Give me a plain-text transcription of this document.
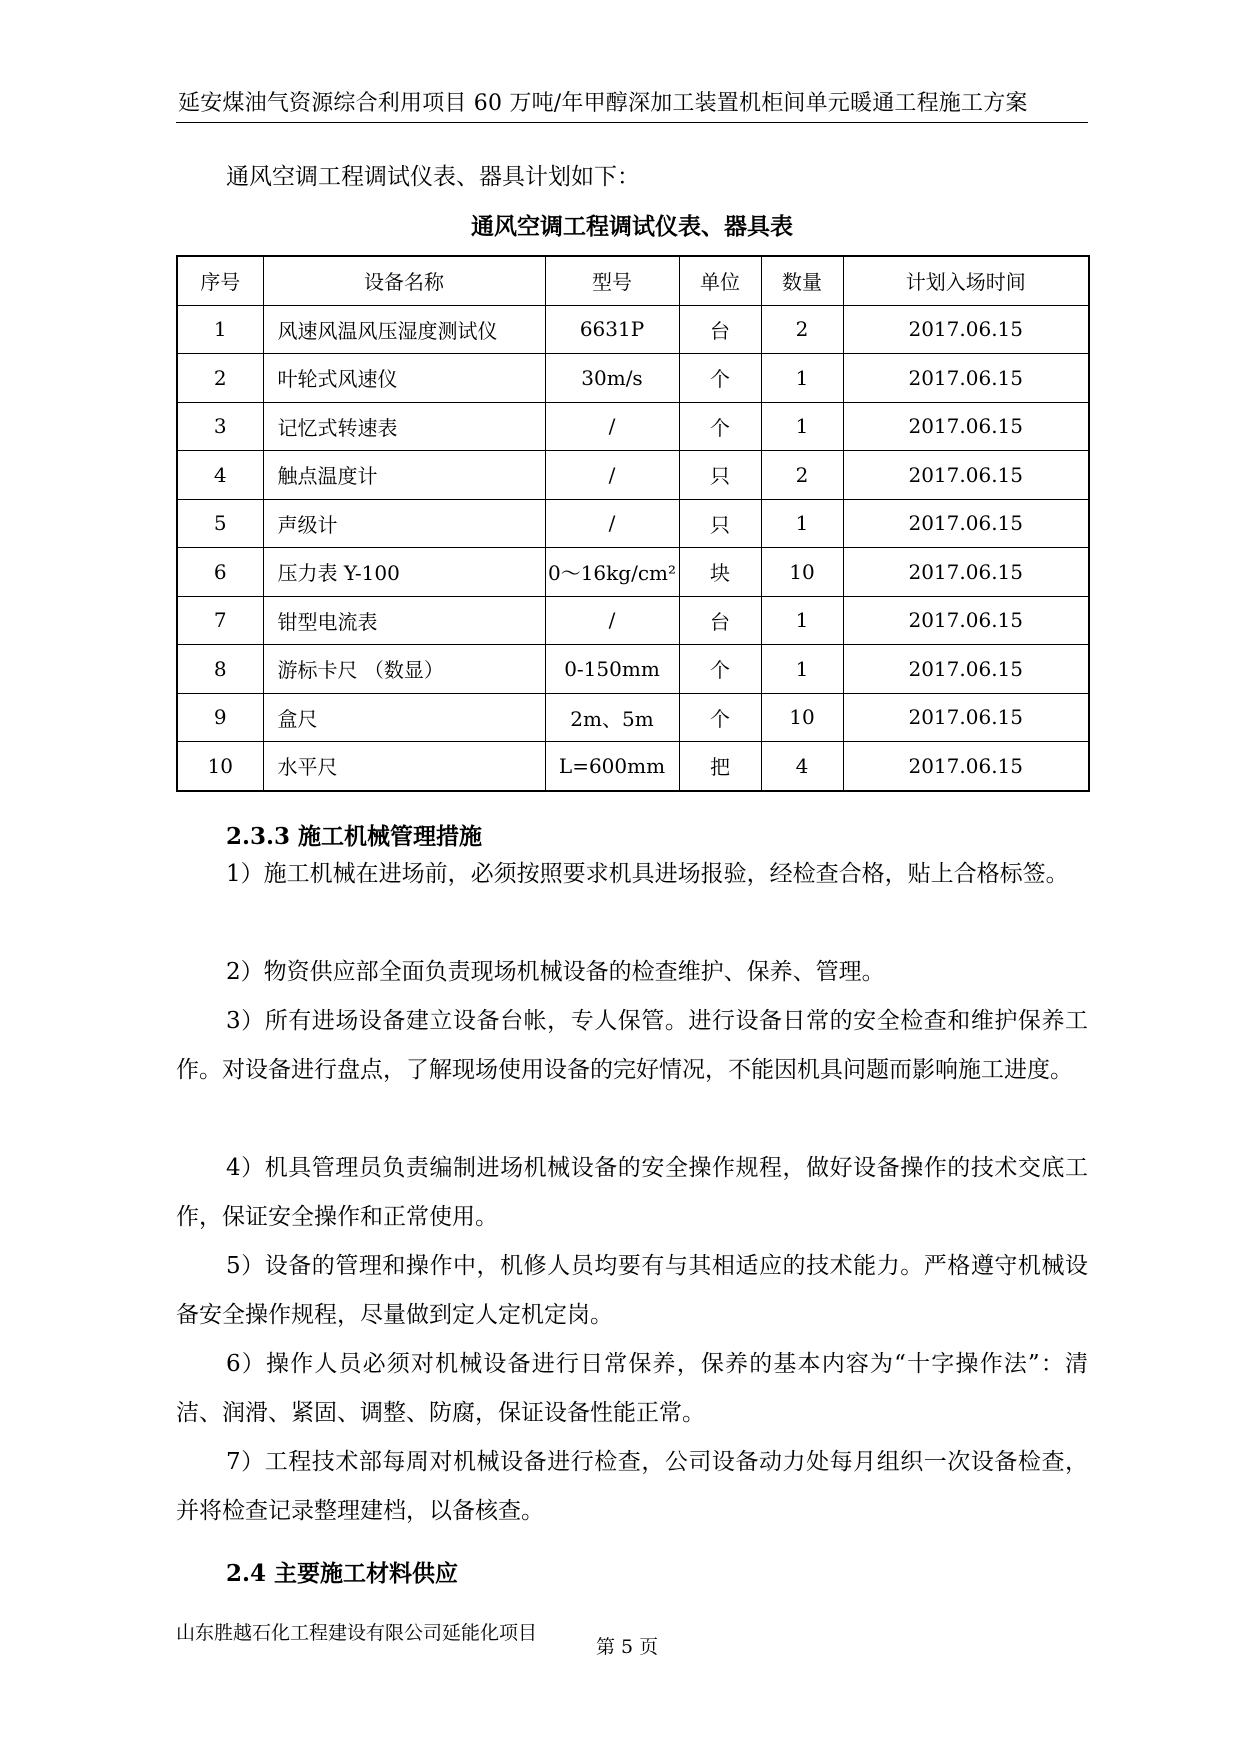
延安煤油气资源综合利用项目 60 万吨/年甲醇深加工装置机柜间单元暖通工程施工方案
通风空调工程调试仪表、器具计划如下：
通风空调工程调试仪表、器具表
序号	设备名称	型号	单位	数量	计划入场时间
1	风速风温风压湿度测试仪	6631P	台	2	2017.06.15
2	叶轮式风速仪	30m/s	个	1	2017.06.15
3	记忆式转速表	/	个	1	2017.06.15
4	触点温度计	/	只	2	2017.06.15
5	声级计	/	只	1	2017.06.15
6	压力表 Y-100	0～16kg/cm²	块	10	2017.06.15
7	钳型电流表	/	台	1	2017.06.15
8	游标卡尺 （数显）	0-150mm	个	1	2017.06.15
9	盒尺	2m、5m	个	10	2017.06.15
10	水平尺	L=600mm	把	4	2017.06.15
2.3.3 施工机械管理措施
1）施工机械在进场前，必须按照要求机具进场报验，经检查合格，贴上合格标签。
2）物资供应部全面负责现场机械设备的检查维护、保养、管理。
3）所有进场设备建立设备台帐，专人保管。进行设备日常的安全检查和维护保养工作。对设备进行盘点，了解现场使用设备的完好情况，不能因机具问题而影响施工进度。
4）机具管理员负责编制进场机械设备的安全操作规程，做好设备操作的技术交底工作，保证安全操作和正常使用。
5）设备的管理和操作中，机修人员均要有与其相适应的技术能力。严格遵守机械设备安全操作规程，尽量做到定人定机定岗。
6）操作人员必须对机械设备进行日常保养，保养的基本内容为“十字操作法”：清洁、润滑、紧固、调整、防腐，保证设备性能正常。
7）工程技术部每周对机械设备进行检查，公司设备动力处每月组织一次设备检查，并将检查记录整理建档，以备核查。
2.4 主要施工材料供应
山东胜越石化工程建设有限公司延能化项目
第 5 页
